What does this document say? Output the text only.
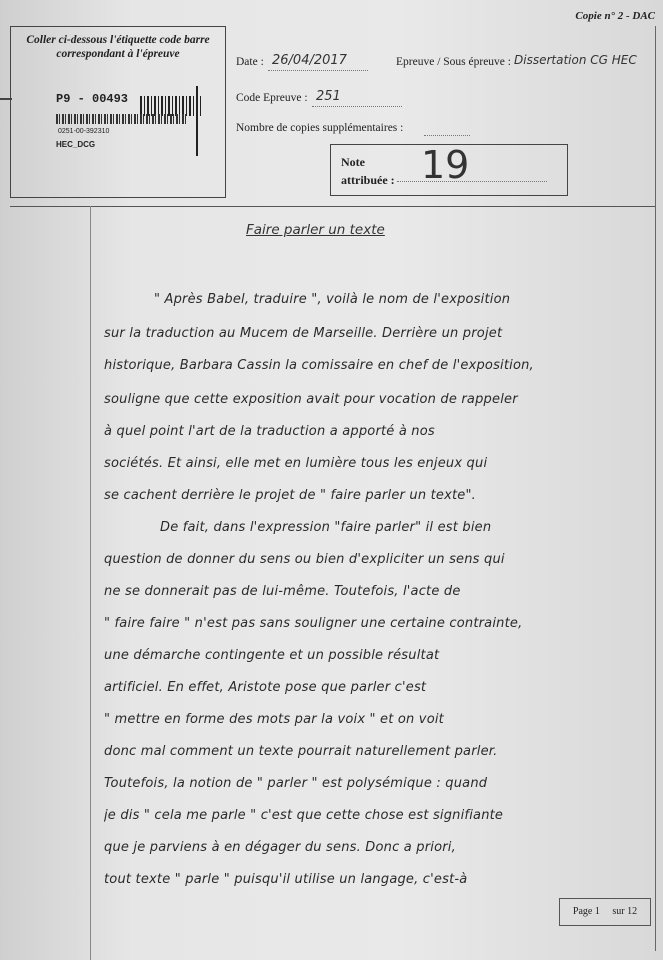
Copie n° 2 - DAC
Coller ci-dessous l'étiquette code barre correspondant à l'épreuve
P9 - 00493
0251-00-392310
HEC_DCG
Date : 26/04/2017	Epreuve / Sous épreuve : Dissertation CG HEC
Code Epreuve : 251
Nombre de copies supplémentaires :
Note
attribuée : 19
Faire parler un texte
" Après Babel, traduire ", voilà le nom de l'exposition
sur la traduction au Mucem de Marseille. Derrière un projet
historique, Barbara Cassin la comissaire en chef de l'exposition,
souligne que cette exposition avait pour vocation de rappeler
à quel point l'art de la traduction a apporté à nos
sociétés. Et ainsi, elle met en lumière tous les enjeux qui
se cachent derrière le projet de " faire parler un texte".
De fait, dans l'expression "faire parler" il est bien
question de donner du sens ou bien d'expliciter un sens qui
ne se donnerait pas de lui-même. Toutefois, l'acte de
" faire faire " n'est pas sans souligner une certaine contrainte,
une démarche contingente et un possible résultat
artificiel. En effet, Aristote pose que parler c'est
" mettre en forme des mots par la voix " et on voit
donc mal comment un texte pourrait naturellement parler.
Toutefois, la notion de " parler " est polysémique : quand
je dis " cela me parle " c'est que cette chose est signifiante
que je parviens à en dégager du sens. Donc a priori,
tout texte " parle " puisqu'il utilise un langage, c'est-à
Page 1 sur 12
